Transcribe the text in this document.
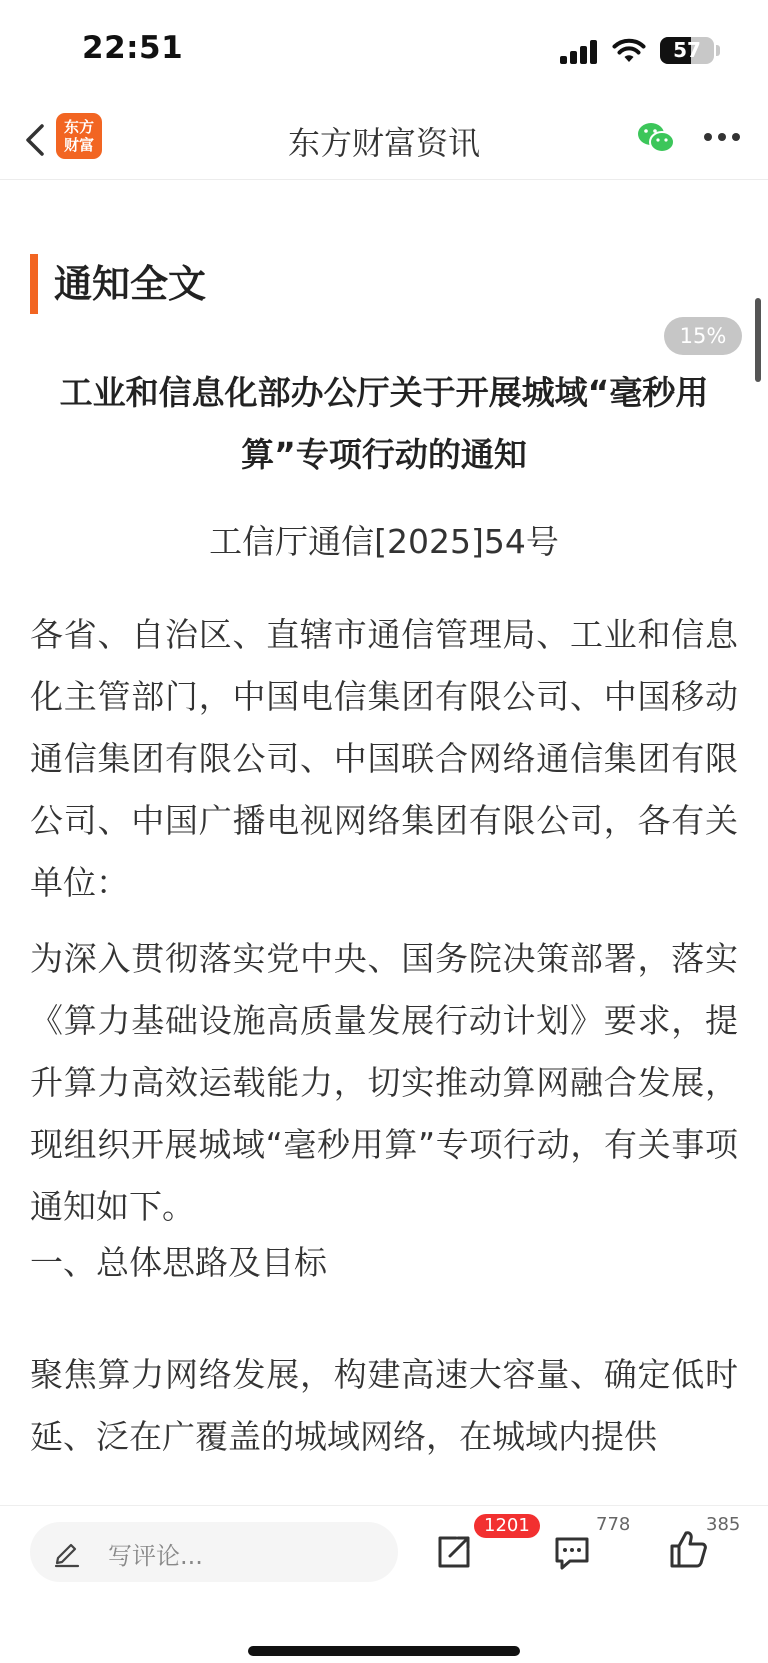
22:51	57
东方
财富	东方财富资讯
通知全文
工业和信息化部办公厅关于开展城域“毫秒用算”专项行动的通知
工信厅通信[2025]54号
各省、自治区、直辖市通信管理局、工业和信息化主管部门，中国电信集团有限公司、中国移动通信集团有限公司、中国联合网络通信集团有限公司、中国广播电视网络集团有限公司，各有关单位：
为深入贯彻落实党中央、国务院决策部署，落实《算力基础设施高质量发展行动计划》要求，提升算力高效运载能力，切实推动算网融合发展，现组织开展城域“毫秒用算”专项行动，有关事项通知如下。
一、总体思路及目标
聚焦算力网络发展，构建高速大容量、确定低时延、泛在广覆盖的城域网络，在城域内提供
15%
写评论...
1201	778	385
